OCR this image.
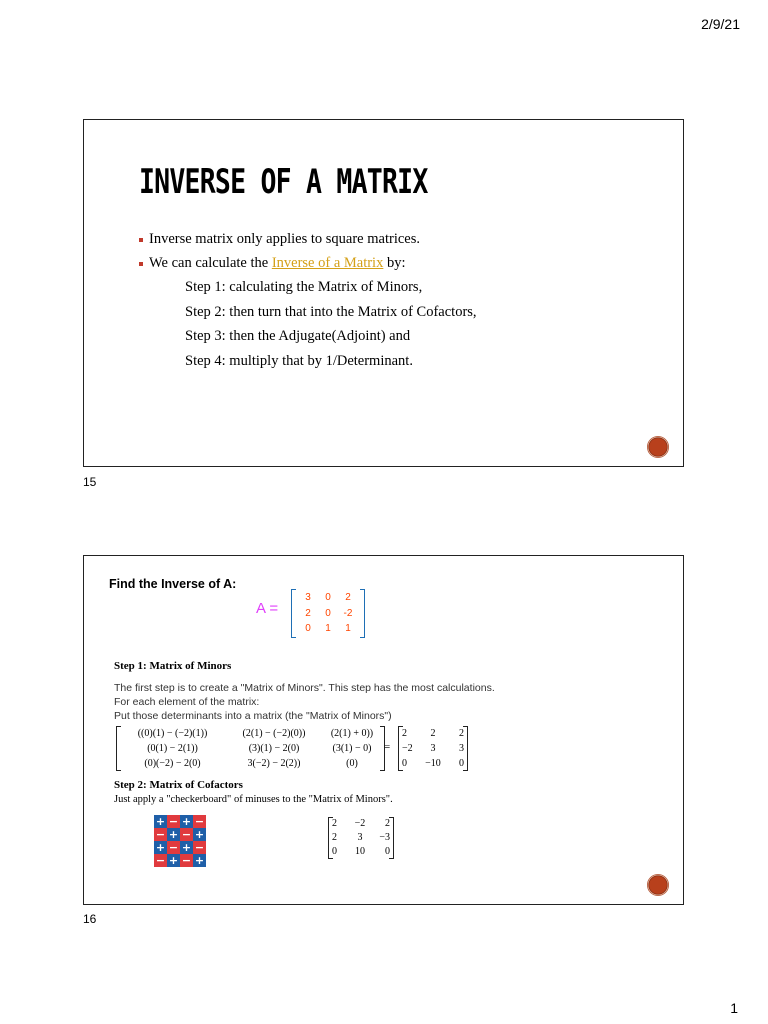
2/9/21
INVERSE OF A MATRIX
Inverse matrix only applies to square matrices.
We can calculate the Inverse of a Matrix by:
Step 1: calculating the Matrix of Minors,
Step 2: then turn that into the Matrix of Cofactors,
Step 3: then the Adjugate(Adjoint) and
Step 4: multiply that by 1/Determinant.
15
Find the Inverse of A:
A =
3	0	2
2	0	-2
0	1	1
Step 1: Matrix of Minors
The first step is to create a "Matrix of Minors". This step has the most calculations.
For each element of the matrix:
Put those determinants into a matrix (the "Matrix of Minors")
((0)(1) − (−2)(1))	(2(1) − (−2)(0))	(2(1) + 0))
(0(1) − 2(1))	(3)(1) − 2(0)	(3(1) − 0)
(0)(−2) − 2(0)	3(−2) − 2(2))	(0)
=
2	2	2
−2	3	3
0	−10	0
Step 2: Matrix of Cofactors
Just apply a "checkerboard" of minuses to the "Matrix of Minors".
+ − + −
− + − +
+ − + −
− + − +
2	−2	2
2	3	−3
0	10	0
16
1
